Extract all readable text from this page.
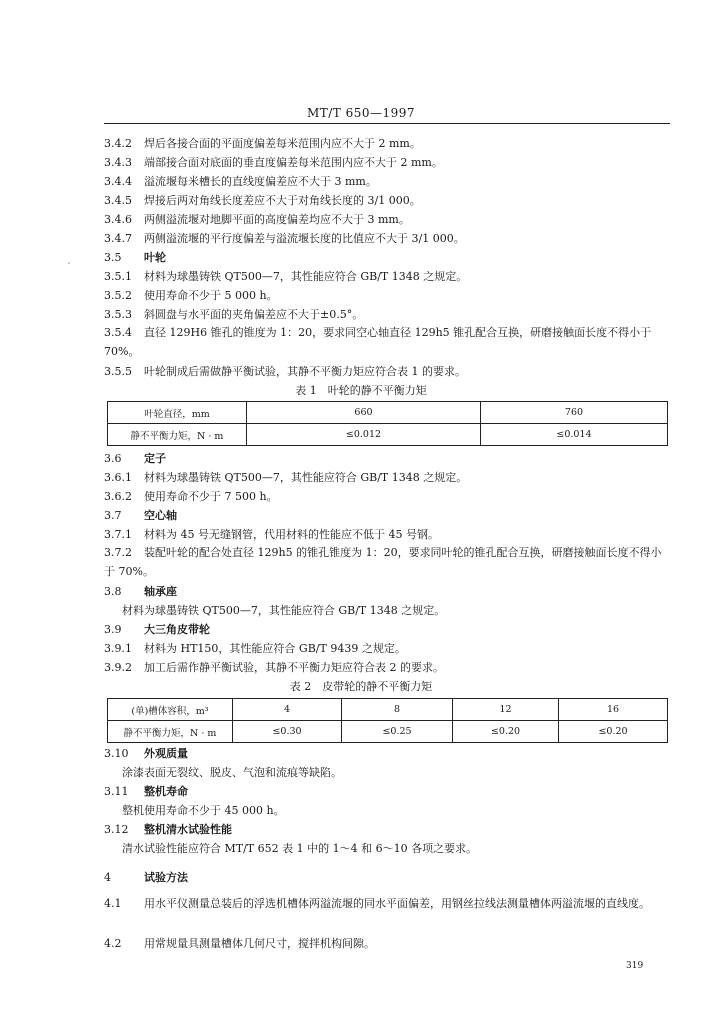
MT/T 650—1997
3.4.2 焊后各接合面的平面度偏差每米范围内应不大于 2 mm。
3.4.3 端部接合面对底面的垂直度偏差每米范围内应不大于 2 mm。
3.4.4 溢流堰每米槽长的直线度偏差应不大于 3 mm。
3.4.5 焊接后两对角线长度差应不大于对角线长度的 3/1 000。
3.4.6 两侧溢流堰对地脚平面的高度偏差均应不大于 3 mm。
3.4.7 两侧溢流堰的平行度偏差与溢流堰长度的比值应不大于 3/1 000。
3.5 叶轮
3.5.1 材料为球墨铸铁 QT500—7，其性能应符合 GB/T 1348 之规定。
3.5.2 使用寿命不少于 5 000 h。
3.5.3 斜圆盘与水平面的夹角偏差应不大于±0.5°。
3.5.4 直径 129H6 锥孔的锥度为 1：20，要求同空心轴直径 129h5 锥孔配合互换，研磨接触面长度不得小于 70%。
3.5.5 叶轮制成后需做静平衡试验，其静不平衡力矩应符合表 1 的要求。
表 1　叶轮的静不平衡力矩
叶轮直径，mm	660	760
静不平衡力矩，N · m	≤0.012	≤0.014
3.6 定子
3.6.1 材料为球墨铸铁 QT500—7，其性能应符合 GB/T 1348 之规定。
3.6.2 使用寿命不少于 7 500 h。
3.7 空心轴
3.7.1 材料为 45 号无缝钢管，代用材料的性能应不低于 45 号钢。
3.7.2 装配叶轮的配合处直径 129h5 的锥孔锥度为 1：20，要求同叶轮的锥孔配合互换，研磨接触面长度不得小于 70%。
3.8 轴承座
材料为球墨铸铁 QT500—7，其性能应符合 GB/T 1348 之规定。
3.9 大三角皮带轮
3.9.1 材料为 HT150，其性能应符合 GB/T 9439 之规定。
3.9.2 加工后需作静平衡试验，其静不平衡力矩应符合表 2 的要求。
表 2　皮带轮的静不平衡力矩
(单)槽体容积，m³	4	8	12	16
静不平衡力矩，N · m	≤0.30	≤0.25	≤0.20	≤0.20
3.10 外观质量
涂漆表面无裂纹、脱皮、气泡和流痕等缺陷。
3.11 整机寿命
整机使用寿命不少于 45 000 h。
3.12 整机清水试验性能
清水试验性能应符合 MT/T 652 表 1 中的 1～4 和 6～10 各项之要求。
4	试验方法
4.1 用水平仪测量总装后的浮选机槽体两溢流堰的同水平面偏差，用钢丝拉线法测量槽体两溢流堰的直线度。
4.2 用常规量具测量槽体几何尺寸，搅拌机构间隙。
319
